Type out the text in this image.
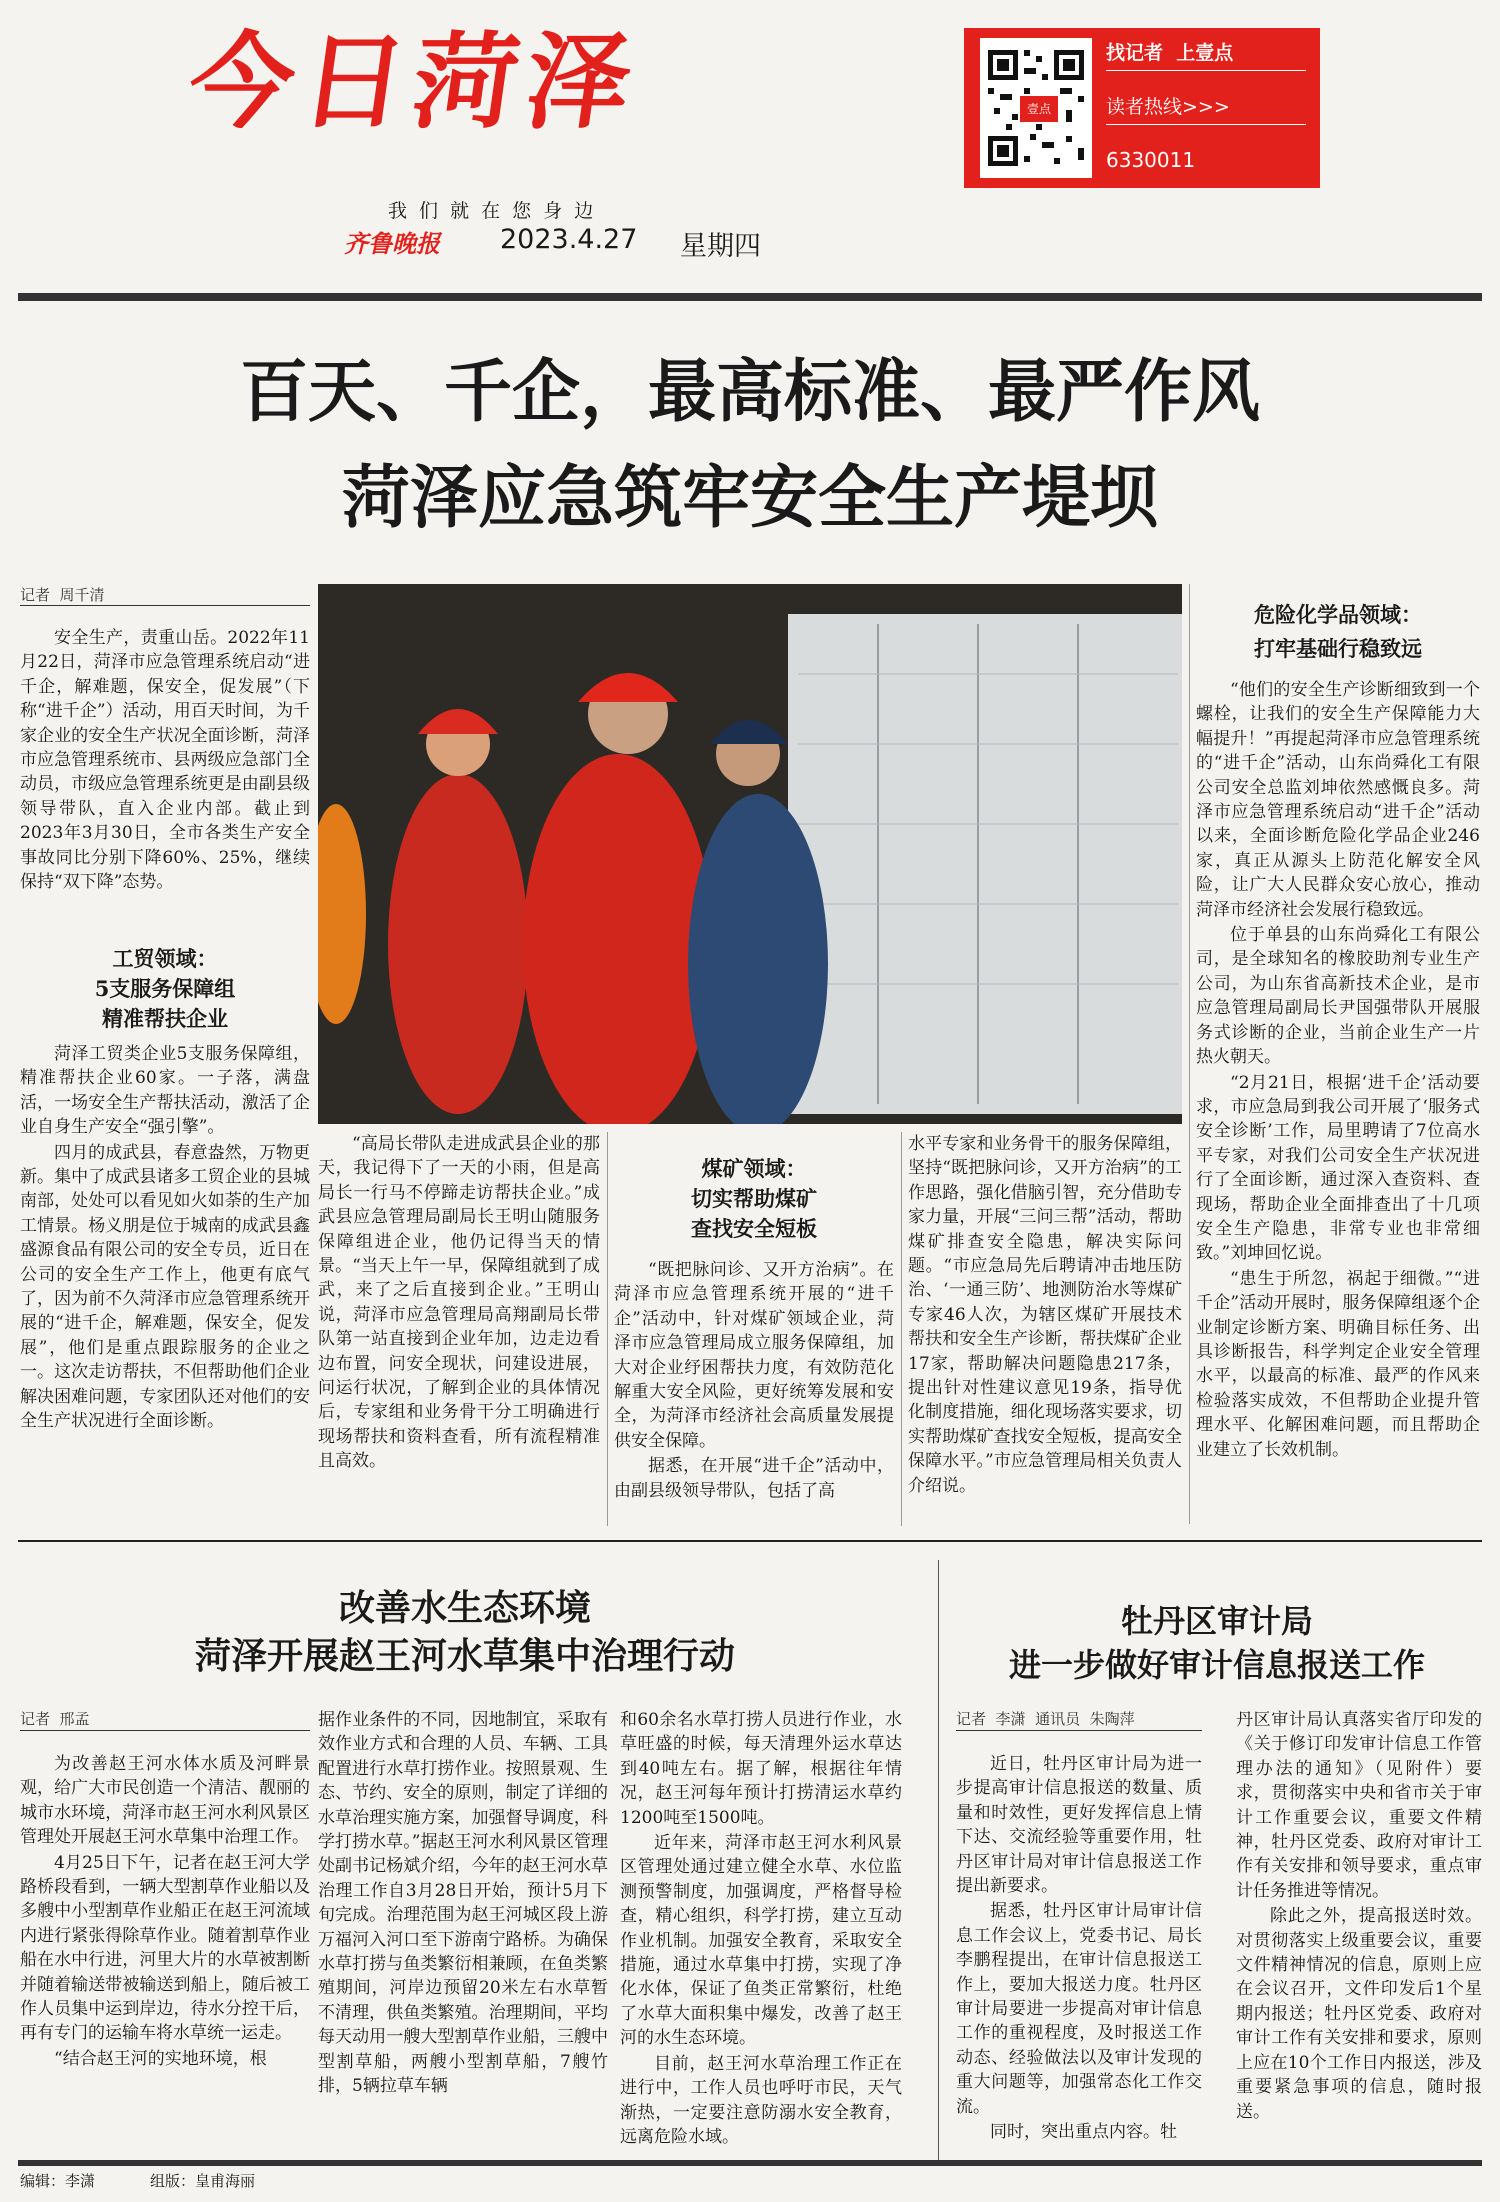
今日菏泽	壹点
找记者  上壹点
读者热线>>>
6330011
我 们 就 在 您 身 边
齐鲁晚报 2023.4.27 星期四
百天、千企，最高标准、最严作风
菏泽应急筑牢安全生产堤坝
记者  周千清

安全生产，责重山岳。2022年11月22日，菏泽市应急管理系统启动“进千企，解难题，保安全，促发展”（下称“进千企”）活动，用百天时间，为千家企业的安全生产状况全面诊断，菏泽市应急管理系统市、县两级应急部门全动员，市级应急管理系统更是由副县级领导带队，直入企业内部。截止到2023年3月30日，全市各类生产安全事故同比分别下降60%、25%，继续保持“双下降”态势。

工贸领域：
5支服务保障组
精准帮扶企业

菏泽工贸类企业5支服务保障组，精准帮扶企业60家。一子落，满盘活，一场安全生产帮扶活动，激活了企业自身生产安全“强引擎”。

四月的成武县，春意盎然，万物更新。集中了成武县诸多工贸企业的县城南部，处处可以看见如火如荼的生产加工情景。杨义朋是位于城南的成武县鑫盛源食品有限公司的安全专员，近日在公司的安全生产工作上，他更有底气了，因为前不久菏泽市应急管理系统开展的“进千企，解难题，保安全，促发展”，他们是重点跟踪服务的企业之一。这次走访帮扶，不但帮助他们企业解决困难问题，专家团队还对他们的安全生产状况进行全面诊断。

“高局长带队走进成武县企业的那天，我记得下了一天的小雨，但是高局长一行马不停蹄走访帮扶企业。”成武县应急管理局副局长王明山随服务保障组进企业，他仍记得当天的情景。“当天上午一早，保障组就到了成武，来了之后直接到企业。”王明山说，菏泽市应急管理局高翔副局长带队第一站直接到企业年加，边走边看边布置，问安全现状，问建设进展，问运行状况，了解到企业的具体情况后，专家组和业务骨干分工明确进行现场帮扶和资料查看，所有流程精准且高效。

煤矿领域：
切实帮助煤矿
查找安全短板

“既把脉问诊、又开方治病”。在菏泽市应急管理系统开展的“进千企”活动中，针对煤矿领域企业，菏泽市应急管理局成立服务保障组，加大对企业纾困帮扶力度，有效防范化解重大安全风险，更好统筹发展和安全，为菏泽市经济社会高质量发展提供安全保障。

据悉，在开展“进千企”活动中，由副县级领导带队，包括了高

水平专家和业务骨干的服务保障组，坚持“既把脉问诊，又开方治病”的工作思路，强化借脑引智，充分借助专家力量，开展“三问三帮”活动，帮助煤矿排查安全隐患，解决实际问题。“市应急局先后聘请冲击地压防治、‘一通三防’、地测防治水等煤矿专家46人次，为辖区煤矿开展技术帮扶和安全生产诊断，帮扶煤矿企业17家，帮助解决问题隐患217条，提出针对性建议意见19条，指导优化制度措施，细化现场落实要求，切实帮助煤矿查找安全短板，提高安全保障水平。”市应急管理局相关负责人介绍说。

危险化学品领域：
打牢基础行稳致远

“他们的安全生产诊断细致到一个螺栓，让我们的安全生产保障能力大幅提升！”再提起菏泽市应急管理系统的“进千企”活动，山东尚舜化工有限公司安全总监刘坤依然感慨良多。菏泽市应急管理系统启动“进千企”活动以来，全面诊断危险化学品企业246家，真正从源头上防范化解安全风险，让广大人民群众安心放心，推动菏泽市经济社会发展行稳致远。

位于单县的山东尚舜化工有限公司，是全球知名的橡胶助剂专业生产公司，为山东省高新技术企业，是市应急管理局副局长尹国强带队开展服务式诊断的企业，当前企业生产一片热火朝天。

“2月21日，根据‘进千企’活动要求，市应急局到我公司开展了‘服务式安全诊断’工作，局里聘请了7位高水平专家，对我们公司安全生产状况进行了全面诊断，通过深入查资料、查现场，帮助企业全面排查出了十几项安全生产隐患，非常专业也非常细致。”刘坤回忆说。

“患生于所忽，祸起于细微。”“进千企”活动开展时，服务保障组逐个企业制定诊断方案、明确目标任务、出具诊断报告，科学判定企业安全管理水平，以最高的标准、最严的作风来检验落实成效，不但帮助企业提升管理水平、化解困难问题，而且帮助企业建立了长效机制。

改善水生态环境
菏泽开展赵王河水草集中治理行动
记者  邢孟

为改善赵王河水体水质及河畔景观，给广大市民创造一个清洁、靓丽的城市水环境，菏泽市赵王河水利风景区管理处开展赵王河水草集中治理工作。

4月25日下午，记者在赵王河大学路桥段看到，一辆大型割草作业船以及多艘中小型割草作业船正在赵王河流域内进行紧张得除草作业。随着割草作业船在水中行进，河里大片的水草被割断并随着输送带被输送到船上，随后被工作人员集中运到岸边，待水分控干后，再有专门的运输车将水草统一运走。

“结合赵王河的实地环境，根

据作业条件的不同，因地制宜，采取有效作业方式和合理的人员、车辆、工具配置进行水草打捞作业。按照景观、生态、节约、安全的原则，制定了详细的水草治理实施方案，加强督导调度，科学打捞水草。”据赵王河水利风景区管理处副书记杨斌介绍，今年的赵王河水草治理工作自3月28日开始，预计5月下旬完成。治理范围为赵王河城区段上游万福河入河口至下游南宁路桥。为确保水草打捞与鱼类繁衍相兼顾，在鱼类繁殖期间，河岸边预留20米左右水草暂不清理，供鱼类繁殖。治理期间，平均每天动用一艘大型割草作业船，三艘中型割草船，两艘小型割草船，7艘竹排，5辆拉草车辆

和60余名水草打捞人员进行作业，水草旺盛的时候，每天清理外运水草达到40吨左右。据了解，根据往年情况，赵王河每年预计打捞清运水草约1200吨至1500吨。

近年来，菏泽市赵王河水利风景区管理处通过建立健全水草、水位监测预警制度，加强调度，严格督导检查，精心组织，科学打捞，建立互动作业机制。加强安全教育，采取安全措施，通过水草集中打捞，实现了净化水体，保证了鱼类正常繁衍，杜绝了水草大面积集中爆发，改善了赵王河的水生态环境。

目前，赵王河水草治理工作正在进行中，工作人员也呼吁市民，天气渐热，一定要注意防溺水安全教育，远离危险水域。

牡丹区审计局
进一步做好审计信息报送工作
记者  李潇  通讯员  朱陶萍

近日，牡丹区审计局为进一步提高审计信息报送的数量、质量和时效性，更好发挥信息上情下达、交流经验等重要作用，牡丹区审计局对审计信息报送工作提出新要求。

据悉，牡丹区审计局审计信息工作会议上，党委书记、局长李鹏程提出，在审计信息报送工作上，要加大报送力度。牡丹区审计局要进一步提高对审计信息工作的重视程度，及时报送工作动态、经验做法以及审计发现的重大问题等，加强常态化工作交流。

同时，突出重点内容。牡

丹区审计局认真落实省厅印发的《关于修订印发审计信息工作管理办法的通知》（见附件）要求，贯彻落实中央和省市关于审计工作重要会议，重要文件精神，牡丹区党委、政府对审计工作有关安排和领导要求，重点审计任务推进等情况。

除此之外，提高报送时效。对贯彻落实上级重要会议，重要文件精神情况的信息，原则上应在会议召开，文件印发后1个星期内报送；牡丹区党委、政府对审计工作有关安排和要求，原则上应在10个工作日内报送，涉及重要紧急事项的信息，随时报送。

编辑：李潇	组版：皇甫海丽
